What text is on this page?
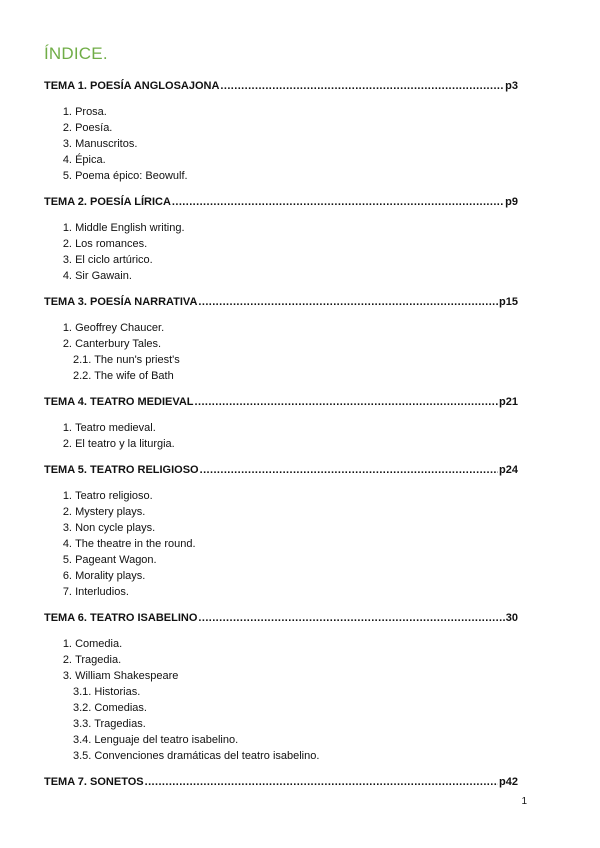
ÍNDICE.
TEMA 1. POESÍA ANGLOSAJONA .....	p3
1. Prosa.
2. Poesía.
3. Manuscritos.
4. Épica.
5. Poema épico: Beowulf.
TEMA 2. POESÍA LÍRICA .....	p9
1. Middle English writing.
2. Los romances.
3. El ciclo artúrico.
4. Sir Gawain.
TEMA 3. POESÍA NARRATIVA .....	p15
1. Geoffrey Chaucer.
2. Canterbury Tales.
2.1. The nun's priest's
2.2. The wife of Bath
TEMA 4. TEATRO MEDIEVAL .....	p21
1. Teatro medieval.
2. El teatro y la liturgia.
TEMA 5. TEATRO RELIGIOSO .....	p24
1. Teatro religioso.
2. Mystery plays.
3. Non cycle plays.
4. The theatre in the round.
5. Pageant Wagon.
6. Morality plays.
7. Interludios.
TEMA 6. TEATRO ISABELINO .....	30
1. Comedia.
2. Tragedia.
3. William Shakespeare
3.1. Historias.
3.2. Comedias.
3.3. Tragedias.
3.4. Lenguaje del teatro isabelino.
3.5. Convenciones dramáticas del teatro isabelino.
TEMA 7. SONETOS .....	p42
1
